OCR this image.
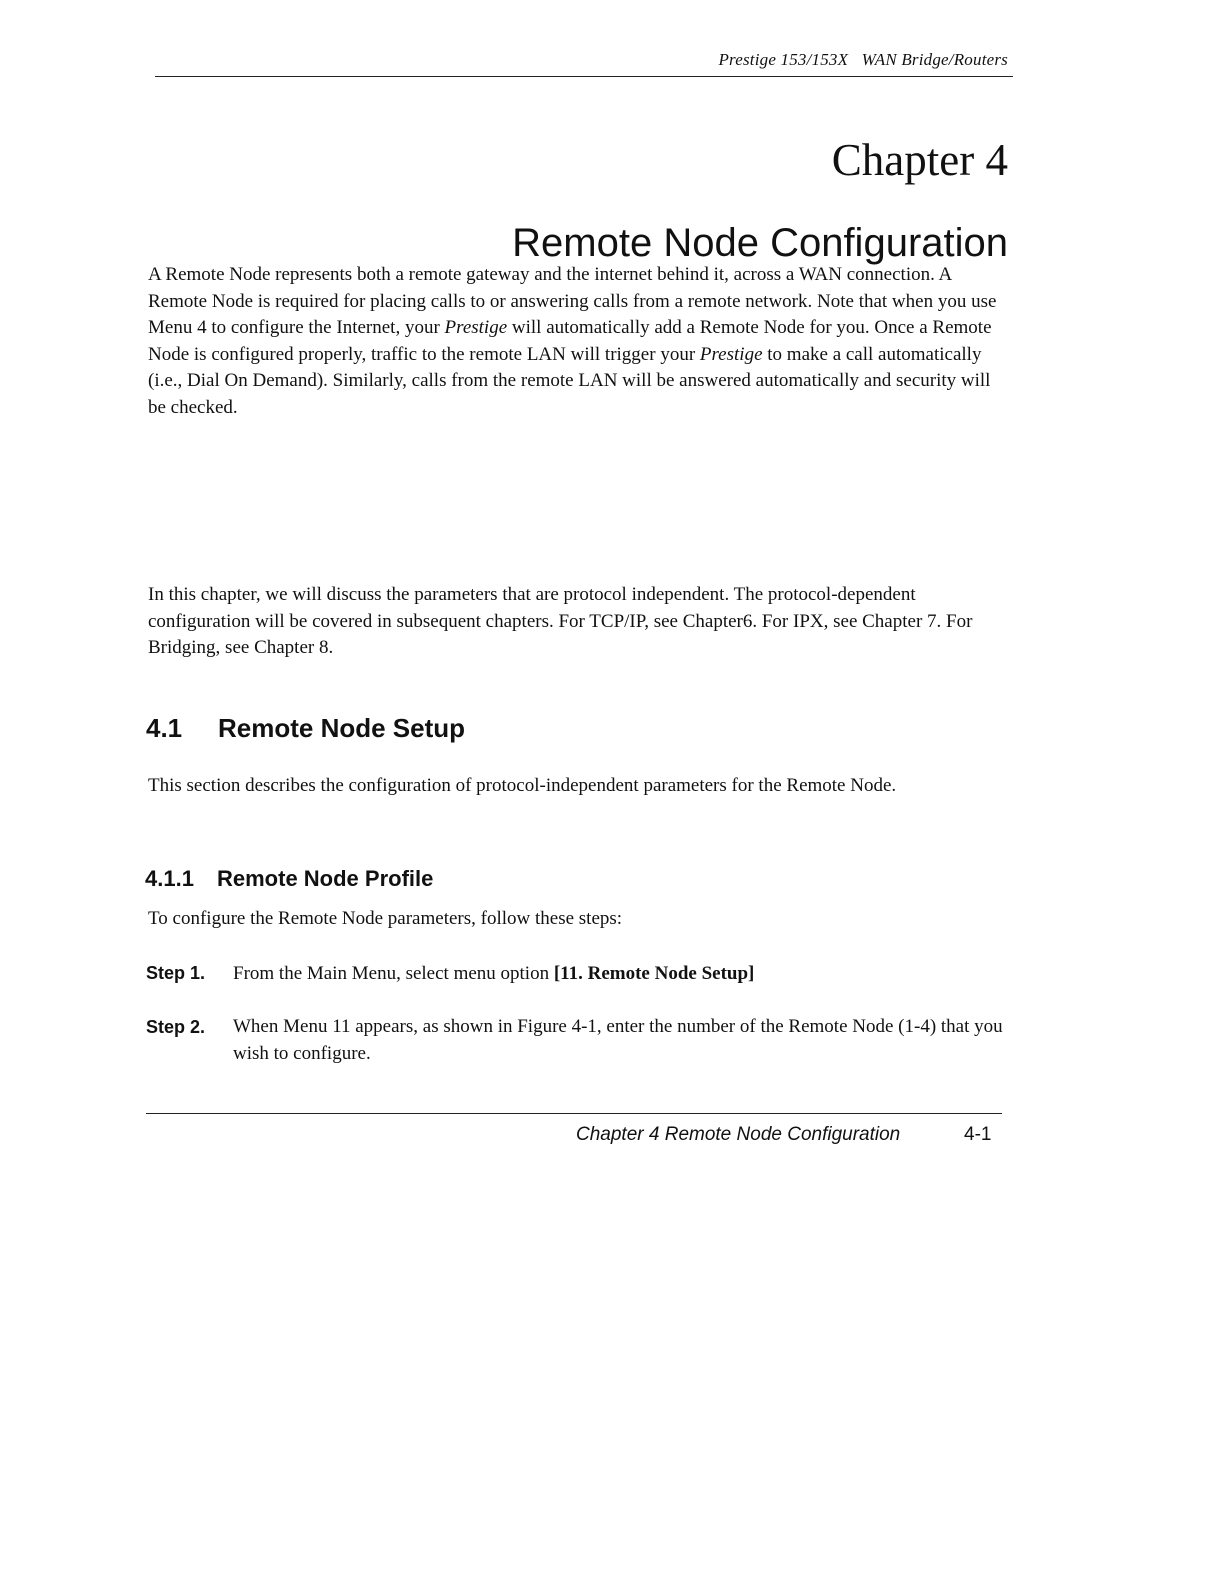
Prestige 153/153X   WAN Bridge/Routers
Chapter 4
Remote Node Configuration
A Remote Node represents both a remote gateway and the internet behind it, across a WAN connection. A Remote Node is required for placing calls to or answering calls from a remote network. Note that when you use Menu 4 to configure the Internet, your Prestige will automatically add a Remote Node for you. Once a Remote Node is configured properly, traffic to the remote LAN will trigger your Prestige to make a call automatically (i.e., Dial On Demand). Similarly, calls from the remote LAN will be answered automatically and security will be checked.
In this chapter, we will discuss the parameters that are protocol independent. The protocol-dependent configuration will be covered in subsequent chapters. For TCP/IP, see Chapter6. For IPX, see Chapter 7. For Bridging, see Chapter 8.
4.1 Remote Node Setup
This section describes the configuration of protocol-independent parameters for the Remote Node.
4.1.1 Remote Node Profile
To configure the Remote Node parameters, follow these steps:
Step 1. From the Main Menu, select menu option [11. Remote Node Setup]
Step 2. When Menu 11 appears, as shown in Figure 4-1, enter the number of the Remote Node (1-4) that you wish to configure.
Chapter 4 Remote Node Configuration	4-1
